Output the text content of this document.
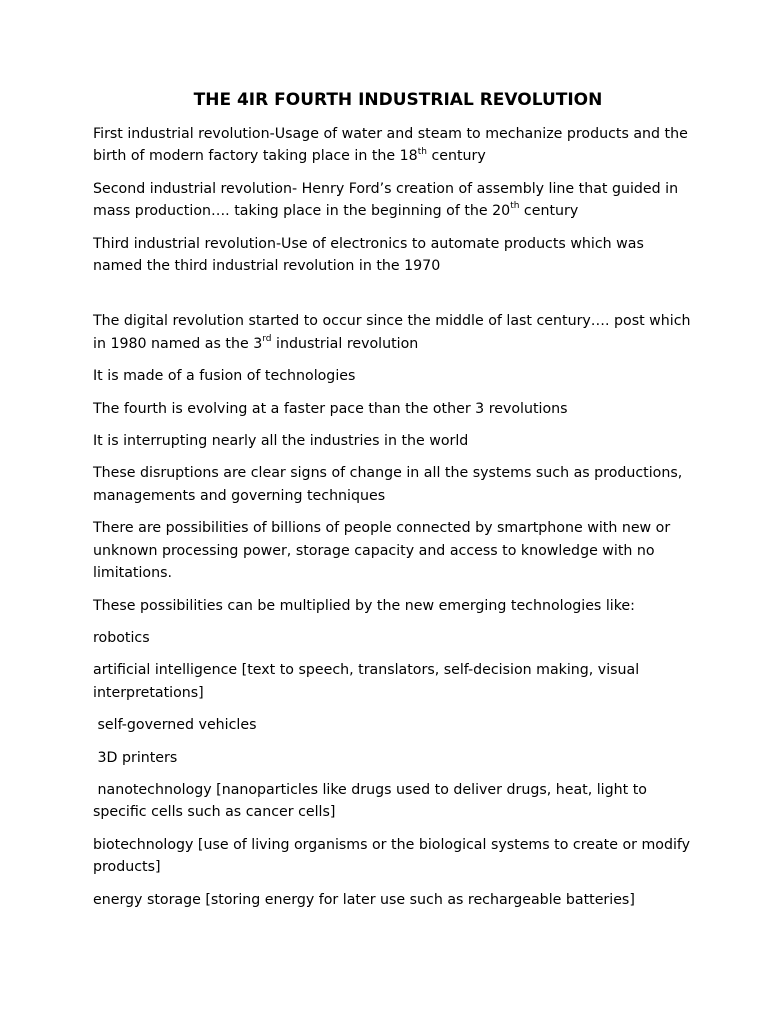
THE 4IR FOURTH INDUSTRIAL REVOLUTION
First industrial revolution-Usage of water and steam to mechanize products and the birth of modern factory taking place in the 18th century
Second industrial revolution- Henry Ford’s creation of assembly line that guided in mass production…. taking place in the beginning of the 20th century
Third industrial revolution-Use of electronics to automate products which was named the third industrial revolution in the 1970
The digital revolution started to occur since the middle of last century…. post which in 1980 named as the 3rd industrial revolution
It is made of a fusion of technologies
The fourth is evolving at a faster pace than the other 3 revolutions
It is interrupting nearly all the industries in the world
These disruptions are clear signs of change in all the systems such as productions, managements and governing techniques
There are possibilities of billions of people connected by smartphone with new or unknown processing power, storage capacity and access to knowledge with no limitations.
These possibilities can be multiplied by the new emerging technologies like:
robotics
artificial intelligence [text to speech, translators, self-decision making, visual interpretations]
self-governed vehicles
3D printers
nanotechnology [nanoparticles like drugs used to deliver drugs, heat, light to specific cells such as cancer cells]
biotechnology [use of living organisms or the biological systems to create or modify products]
energy storage [storing energy for later use such as rechargeable batteries]
